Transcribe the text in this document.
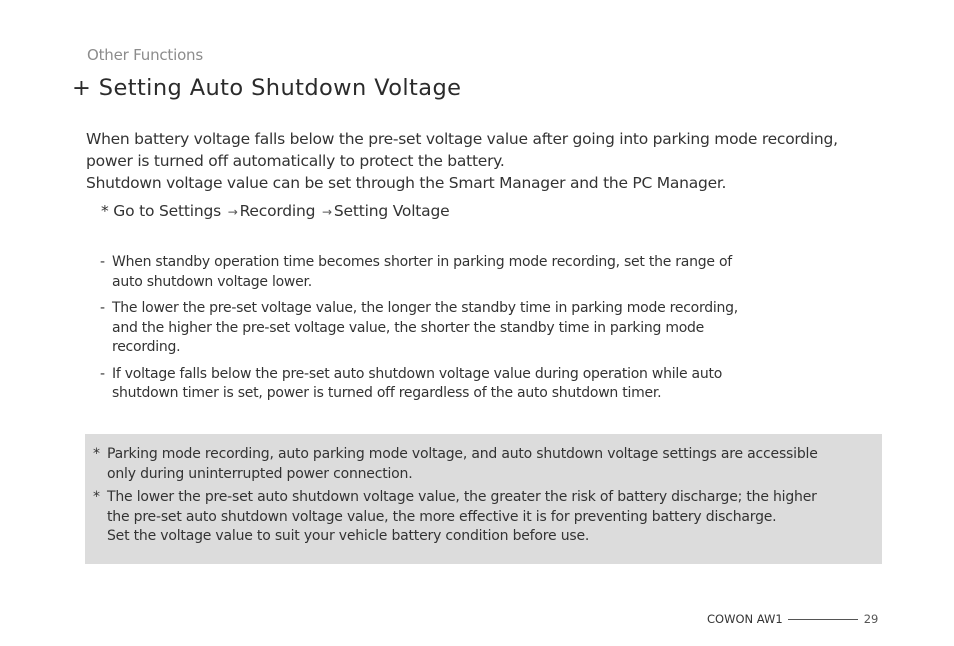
Other Functions
+ Setting Auto Shutdown Voltage

When battery voltage falls below the pre-set voltage value after going into parking mode recording,

power is turned off automatically to protect the battery.

Shutdown voltage value can be set through the Smart Manager and the PC Manager.

* Go to Settings → Recording → Setting Voltage
- When standby operation time becomes shorter in parking mode recording, set the range of
auto shutdown voltage lower.
- The lower the pre-set voltage value, the longer the standby time in parking mode recording,
and the higher the pre-set voltage value, the shorter the standby time in parking mode
recording.
- If voltage falls below the pre-set auto shutdown voltage value during operation while auto
shutdown timer is set, power is turned off regardless of the auto shutdown timer.
* Parking mode recording, auto parking mode voltage, and auto shutdown voltage settings are accessible
only during uninterrupted power connection.
* The lower the pre-set auto shutdown voltage value, the greater the risk of battery discharge; the higher
the pre-set auto shutdown voltage value, the more effective it is for preventing battery discharge.
Set the voltage value to suit your vehicle battery condition before use.
COWON AW1	29
